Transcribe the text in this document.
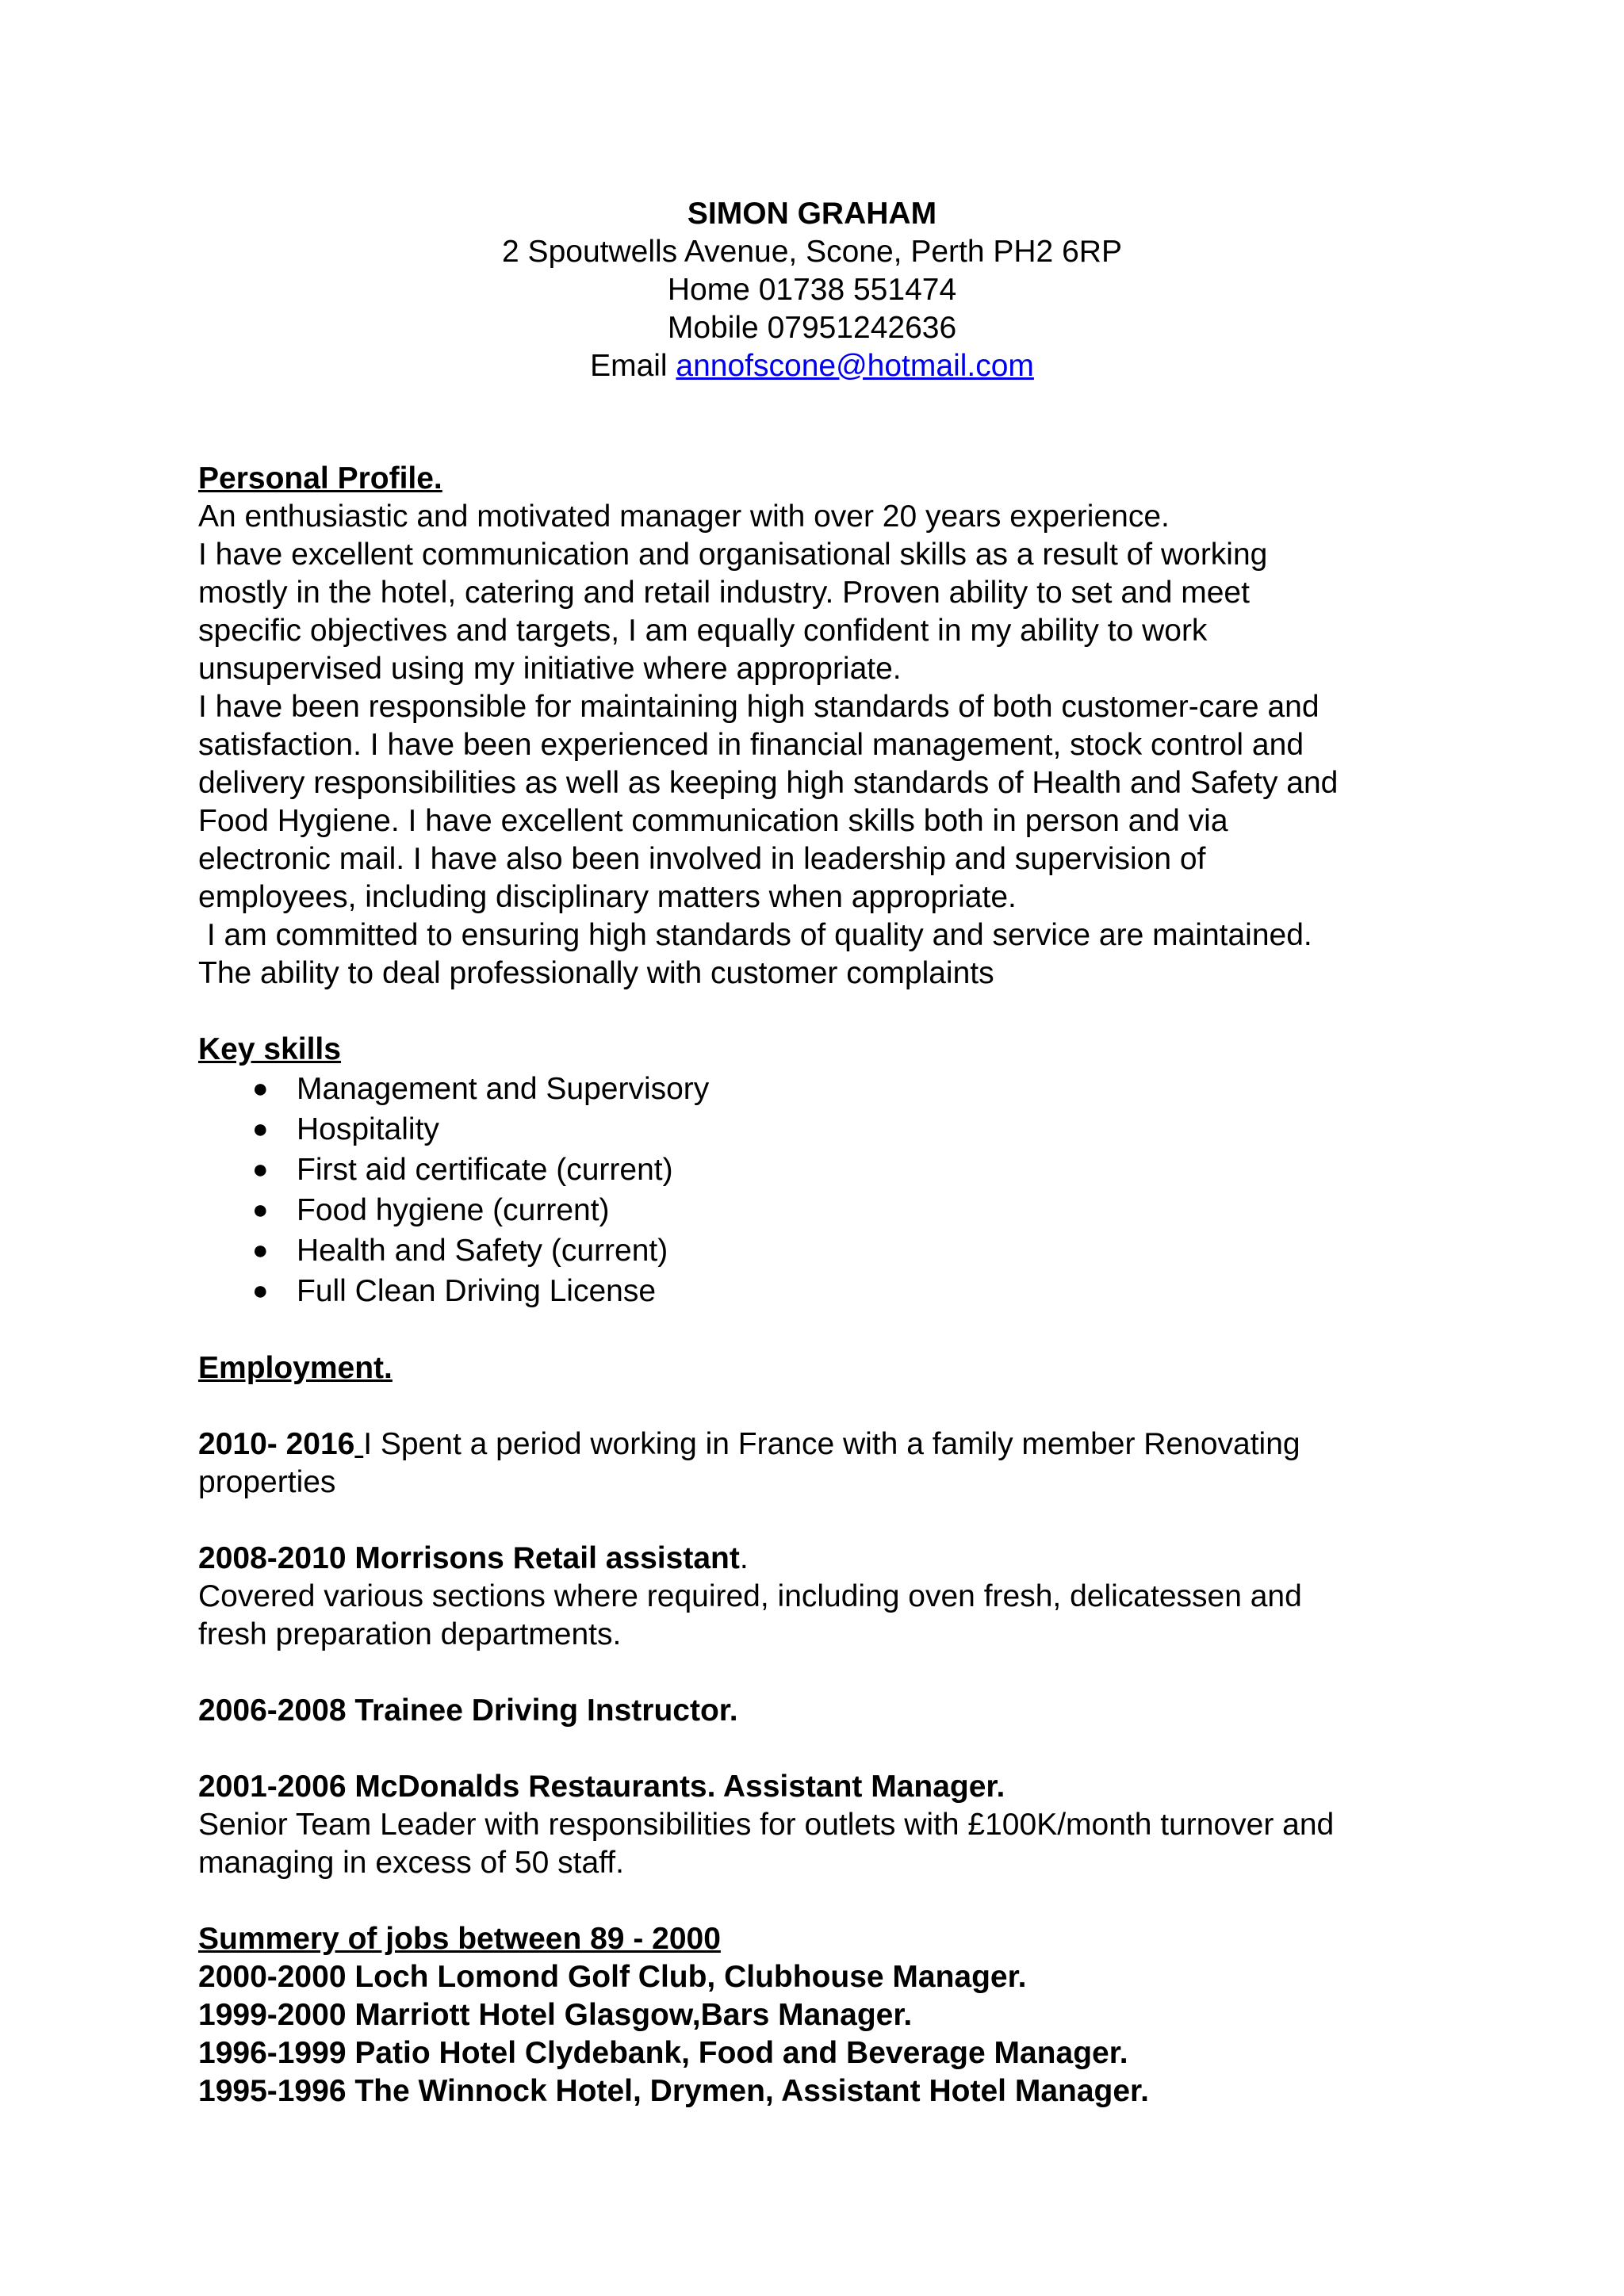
SIMON GRAHAM
2 Spoutwells Avenue, Scone, Perth PH2 6RP
Home 01738 551474
Mobile 07951242636
Email annofscone@hotmail.com
Personal Profile.
An enthusiastic and motivated manager with over 20 years experience.
I have excellent communication and organisational skills as a result of working
mostly in the hotel, catering and retail industry. Proven ability to set and meet
specific objectives and targets, I am equally confident in my ability to work
unsupervised using my initiative where appropriate.
I have been responsible for maintaining high standards of both customer-care and
satisfaction. I have been experienced in financial management, stock control and
delivery responsibilities as well as keeping high standards of Health and Safety and
Food Hygiene. I have excellent communication skills both in person and via
electronic mail. I have also been involved in leadership and supervision of
employees, including disciplinary matters when appropriate.
I am committed to ensuring high standards of quality and service are maintained.
The ability to deal professionally with customer complaints
Key skills
● Management and Supervisory
● Hospitality
● First aid certificate (current)
● Food hygiene (current)
● Health and Safety (current)
● Full Clean Driving License
Employment.
2010- 2016 I Spent a period working in France with a family member Renovating
properties
2008-2010 Morrisons Retail assistant.
Covered various sections where required, including oven fresh, delicatessen and
fresh preparation departments.
2006-2008 Trainee Driving Instructor.
2001-2006 McDonalds Restaurants. Assistant Manager.
Senior Team Leader with responsibilities for outlets with £100K/month turnover and
managing in excess of 50 staff.
Summery of jobs between 89 - 2000
2000-2000 Loch Lomond Golf Club, Clubhouse Manager.
1999-2000 Marriott Hotel Glasgow,Bars Manager.
1996-1999 Patio Hotel Clydebank, Food and Beverage Manager.
1995-1996 The Winnock Hotel, Drymen, Assistant Hotel Manager.
